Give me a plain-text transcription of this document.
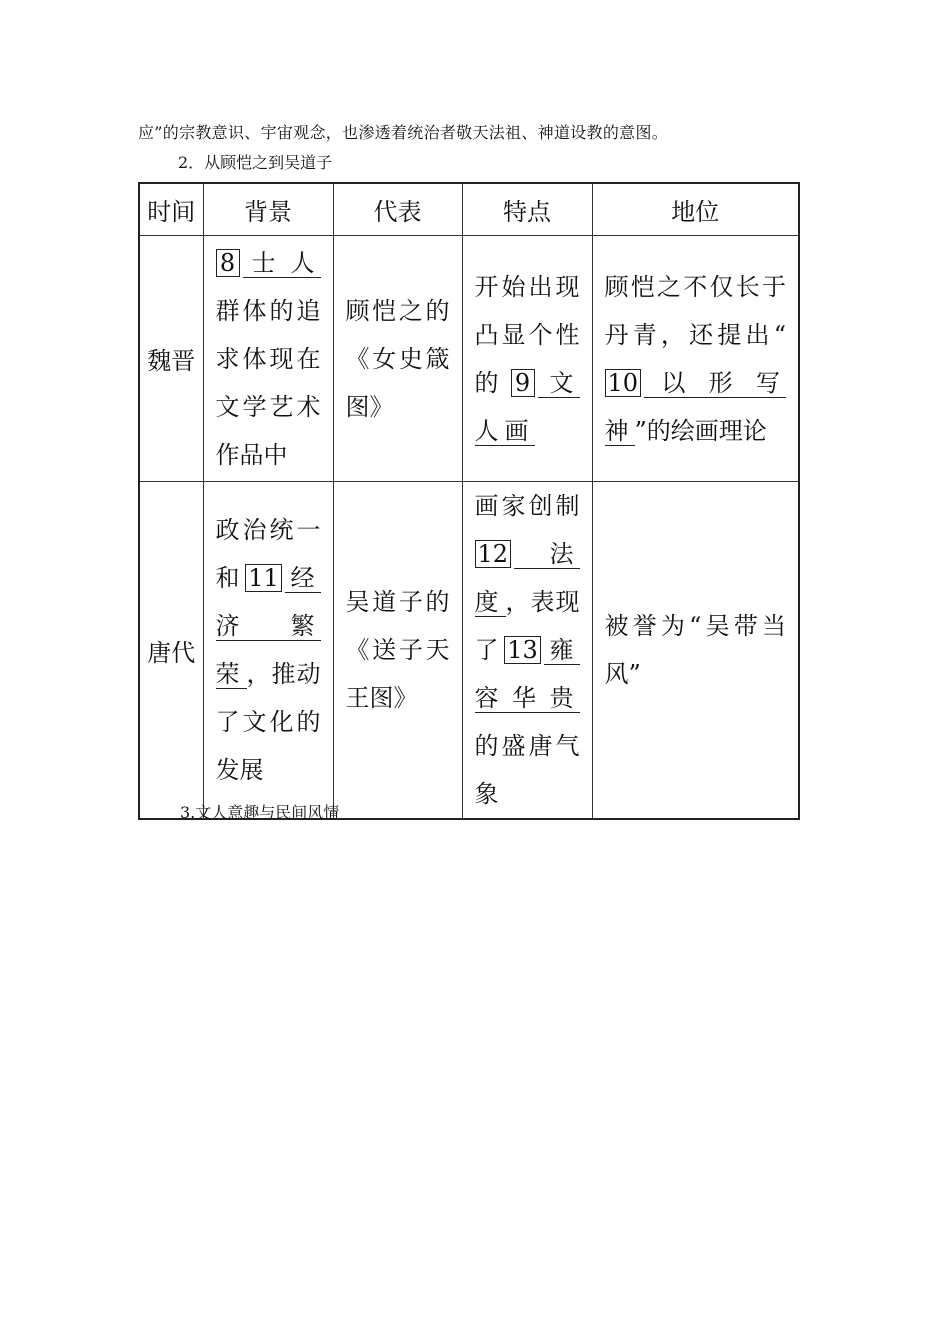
应”的宗教意识、宇宙观念，也渗透着统治者敬天法祖、神道设教的意图。
2．从顾恺之到吴道子
时间	背景	代表	特点	地位
魏晋	8 士人群体的追求体现在文学艺术作品中	顾恺之的《女史箴图》	开始出现凸显个性的 9 文人画	顾恺之不仅长于丹青，还提出“10 以形写神”的绘画理论

唐代	政治统一和 11 经济繁荣，推动了文化的发展	吴道子的《送子天王图》	画家创制12 法度，表现了 13 雍容华贵的盛唐气象	被誉为“吴带当风”
3.文人意趣与民间风情
